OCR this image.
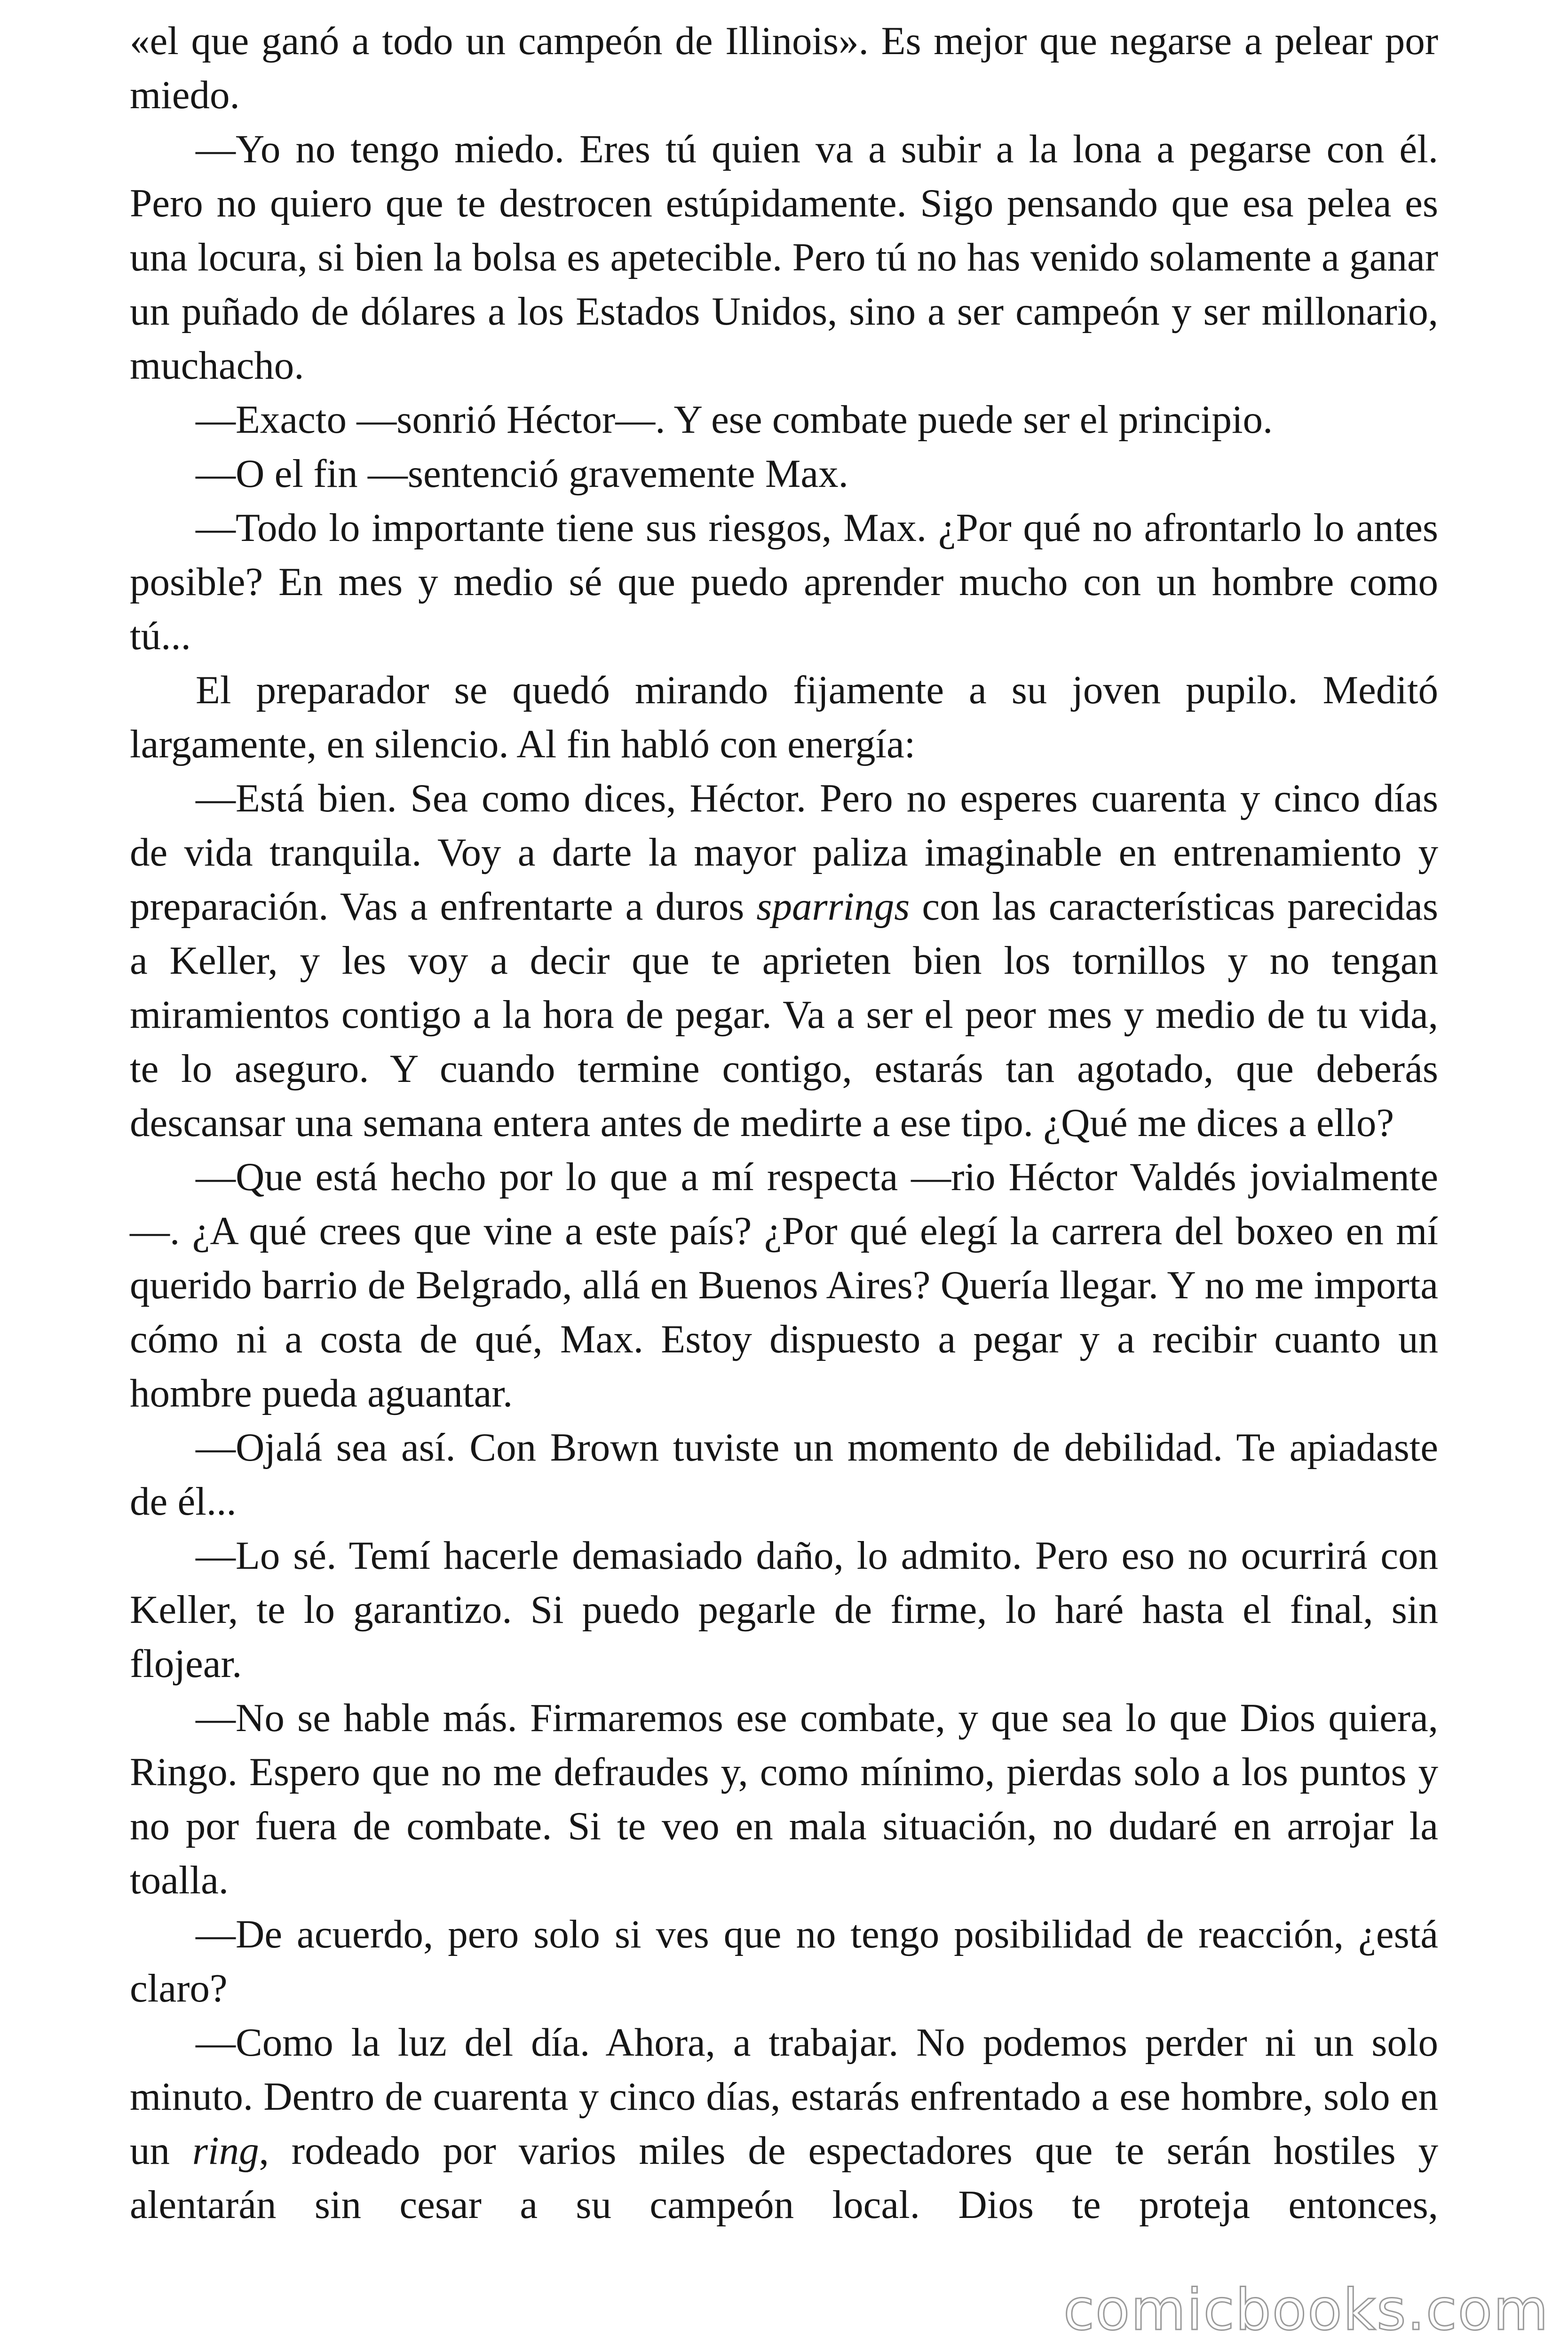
«el que ganó a todo un campeón de Illinois». Es mejor que negarse a pelear por miedo.

—Yo no tengo miedo. Eres tú quien va a subir a la lona a pegarse con él. Pero no quiero que te destrocen estúpidamente. Sigo pensando que esa pelea es una locura, si bien la bolsa es apetecible. Pero tú no has venido solamente a ganar un puñado de dólares a los Estados Unidos, sino a ser campeón y ser millonario, muchacho.

—Exacto —sonrió Héctor—. Y ese combate puede ser el principio.

—O el fin —sentenció gravemente Max.

—Todo lo importante tiene sus riesgos, Max. ¿Por qué no afrontarlo lo antes posible? En mes y medio sé que puedo aprender mucho con un hombre como tú...

El preparador se quedó mirando fijamente a su joven pupilo. Meditó largamente, en silencio. Al fin habló con energía:

—Está bien. Sea como dices, Héctor. Pero no esperes cuarenta y cinco días de vida tranquila. Voy a darte la mayor paliza imaginable en entrenamiento y preparación. Vas a enfrentarte a duros sparrings con las características parecidas a Keller, y les voy a decir que te aprieten bien los tornillos y no tengan miramientos contigo a la hora de pegar. Va a ser el peor mes y medio de tu vida, te lo aseguro. Y cuando termine contigo, estarás tan agotado, que deberás descansar una semana entera antes de medirte a ese tipo. ¿Qué me dices a ello?

—Que está hecho por lo que a mí respecta —rio Héctor Valdés jovialmente—. ¿A qué crees que vine a este país? ¿Por qué elegí la carrera del boxeo en mí querido barrio de Belgrado, allá en Buenos Aires? Quería llegar. Y no me importa cómo ni a costa de qué, Max. Estoy dispuesto a pegar y a recibir cuanto un hombre pueda aguantar.

—Ojalá sea así. Con Brown tuviste un momento de debilidad. Te apiadaste de él...

—Lo sé. Temí hacerle demasiado daño, lo admito. Pero eso no ocurrirá con Keller, te lo garantizo. Si puedo pegarle de firme, lo haré hasta el final, sin flojear.

—No se hable más. Firmaremos ese combate, y que sea lo que Dios quiera, Ringo. Espero que no me defraudes y, como mínimo, pierdas solo a los puntos y no por fuera de combate. Si te veo en mala situación, no dudaré en arrojar la toalla.

—De acuerdo, pero solo si ves que no tengo posibilidad de reacción, ¿está claro?

—Como la luz del día. Ahora, a trabajar. No podemos perder ni un solo minuto. Dentro de cuarenta y cinco días, estarás enfrentado a ese hombre, solo en un ring, rodeado por varios miles de espectadores que te serán hostiles y alentarán sin cesar a su campeón local. Dios te proteja entonces,

comicbooks.com
